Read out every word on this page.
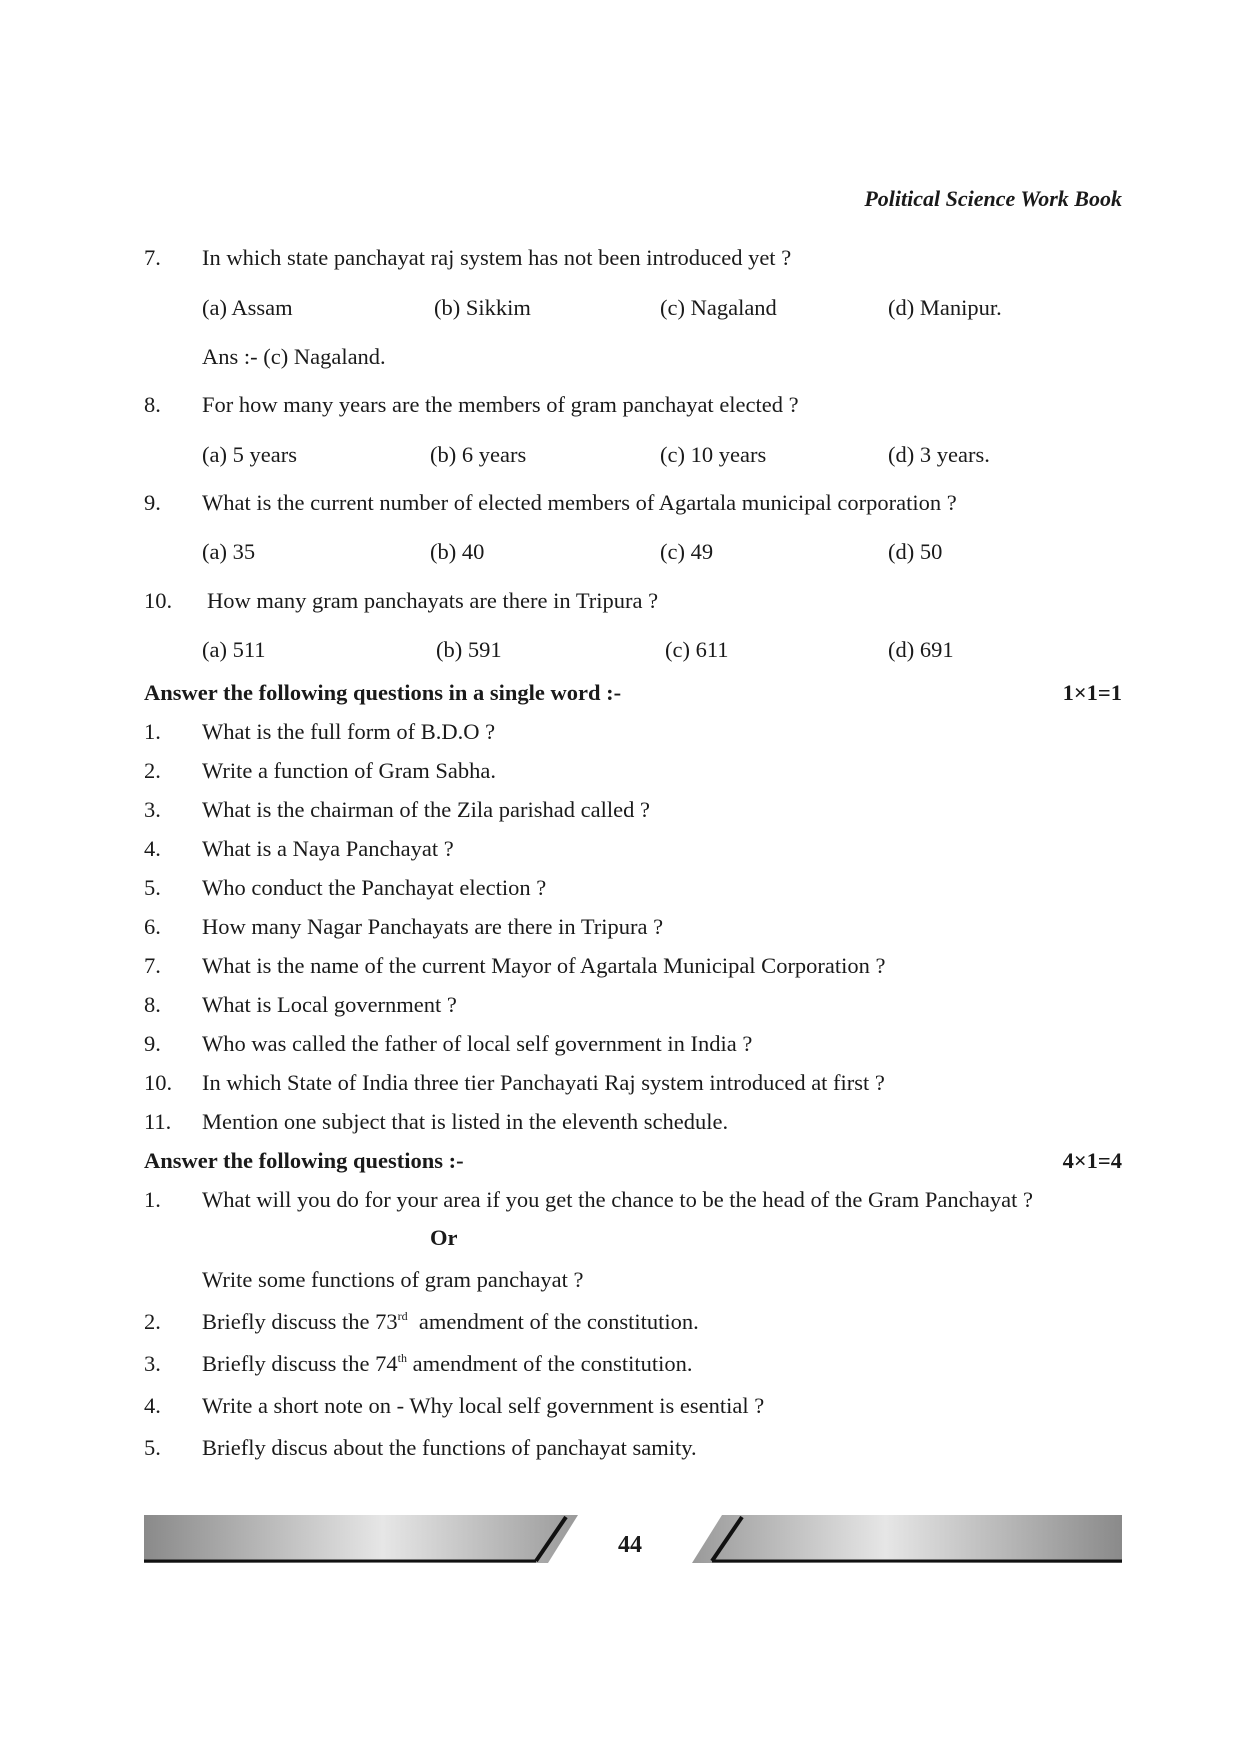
Political Science Work Book
7. In which state panchayat raj system has not been introduced yet ?
(a) Assam	(b) Sikkim	(c) Nagaland	(d) Manipur.
Ans :- (c) Nagaland.
8. For how many years are the members of gram panchayat elected ?
(a) 5 years	(b) 6 years	(c) 10 years	(d) 3 years.
9. What is the current number of elected members of Agartala municipal corporation ?
(a) 35	(b) 40	(c) 49	(d) 50
10. How many gram panchayats are there in Tripura ?
(a) 511	(b) 591	(c) 611	(d) 691
Answer the following questions in a single word :-	1×1=1
1. What is the full form of B.D.O ?
2. Write a function of Gram Sabha.
3. What is the chairman of the Zila parishad called ?
4. What is a Naya Panchayat ?
5. Who conduct the Panchayat election ?
6. How many Nagar Panchayats are there in Tripura ?
7. What is the name of the current Mayor of Agartala Municipal Corporation ?
8. What is Local government ?
9. Who was called the father of local self government in India ?
10. In which State of India three tier Panchayati Raj system introduced at first ?
11. Mention one subject that is listed in the eleventh schedule.
Answer the following questions :-	4×1=4
1. What will you do for your area if you get the chance to be the head of the Gram Panchayat ?
Or
Write some functions of gram panchayat ?
2. Briefly discuss the 73rd  amendment of the constitution.
3. Briefly discuss the 74th amendment of the constitution.
4. Write a short note on - Why local self government is esential ?
5. Briefly discus about the functions of panchayat samity.
44
